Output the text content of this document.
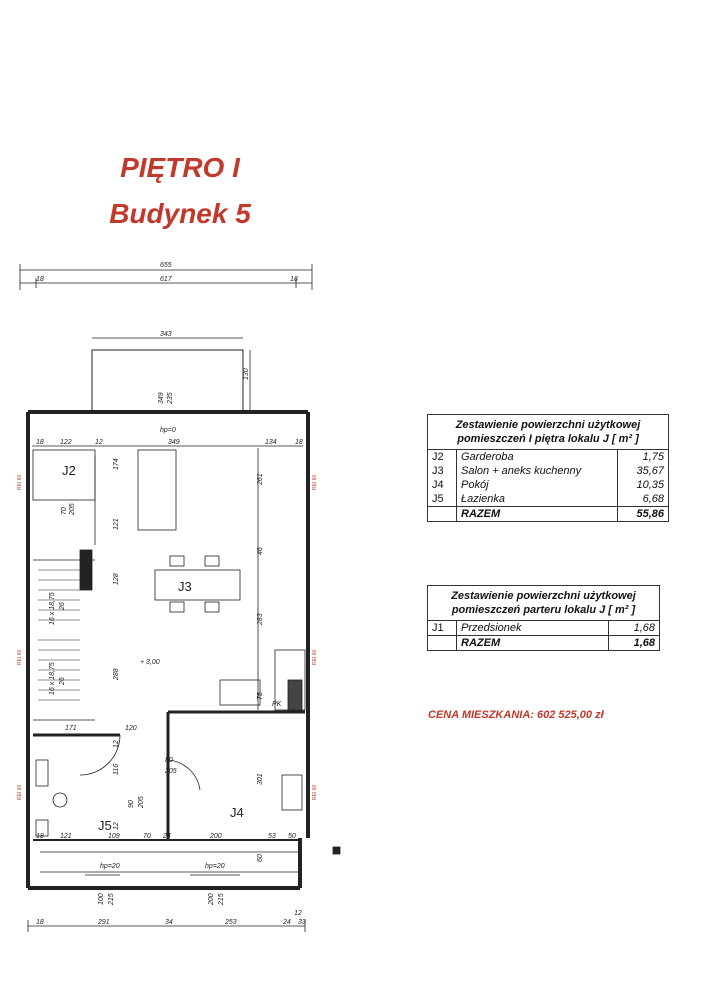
PIĘTRO I
Budynek 5
REI 60
REI 60
REI 60
REI 60
REI 60
REI 60
655
18	617	18
343
130
349 235
hp=0
18 122	12	349	134	18
174
121
128
288
261
46
283
75
301
120
171
12
116
12
70 205
16 x 18,75 26
16 x 18,75 26
+ 3,00
80
205
90 205
PK
18 121	109	70 24	200	53 50
hp=20	hp=20
60
100 215	200 215
18	291	34	253	24 33
12
J2
J3
J4
J5
Zestawienie powierzchni użytkowej
pomieszczeń I piętra lokalu J [ m² ]		
J2	Garderoba	1,75
J3	Salon + aneks kuchenny	35,67
J4	Pokój	10,35
J5	Łazienka	6,68
	RAZEM	55,86
Zestawienie powierzchni użytkowej
pomieszczeń parteru lokalu J [ m² ]		
J1	Przedsionek	1,68
	RAZEM	1,68
CENA MIESZKANIA: 602 525,00 zł
